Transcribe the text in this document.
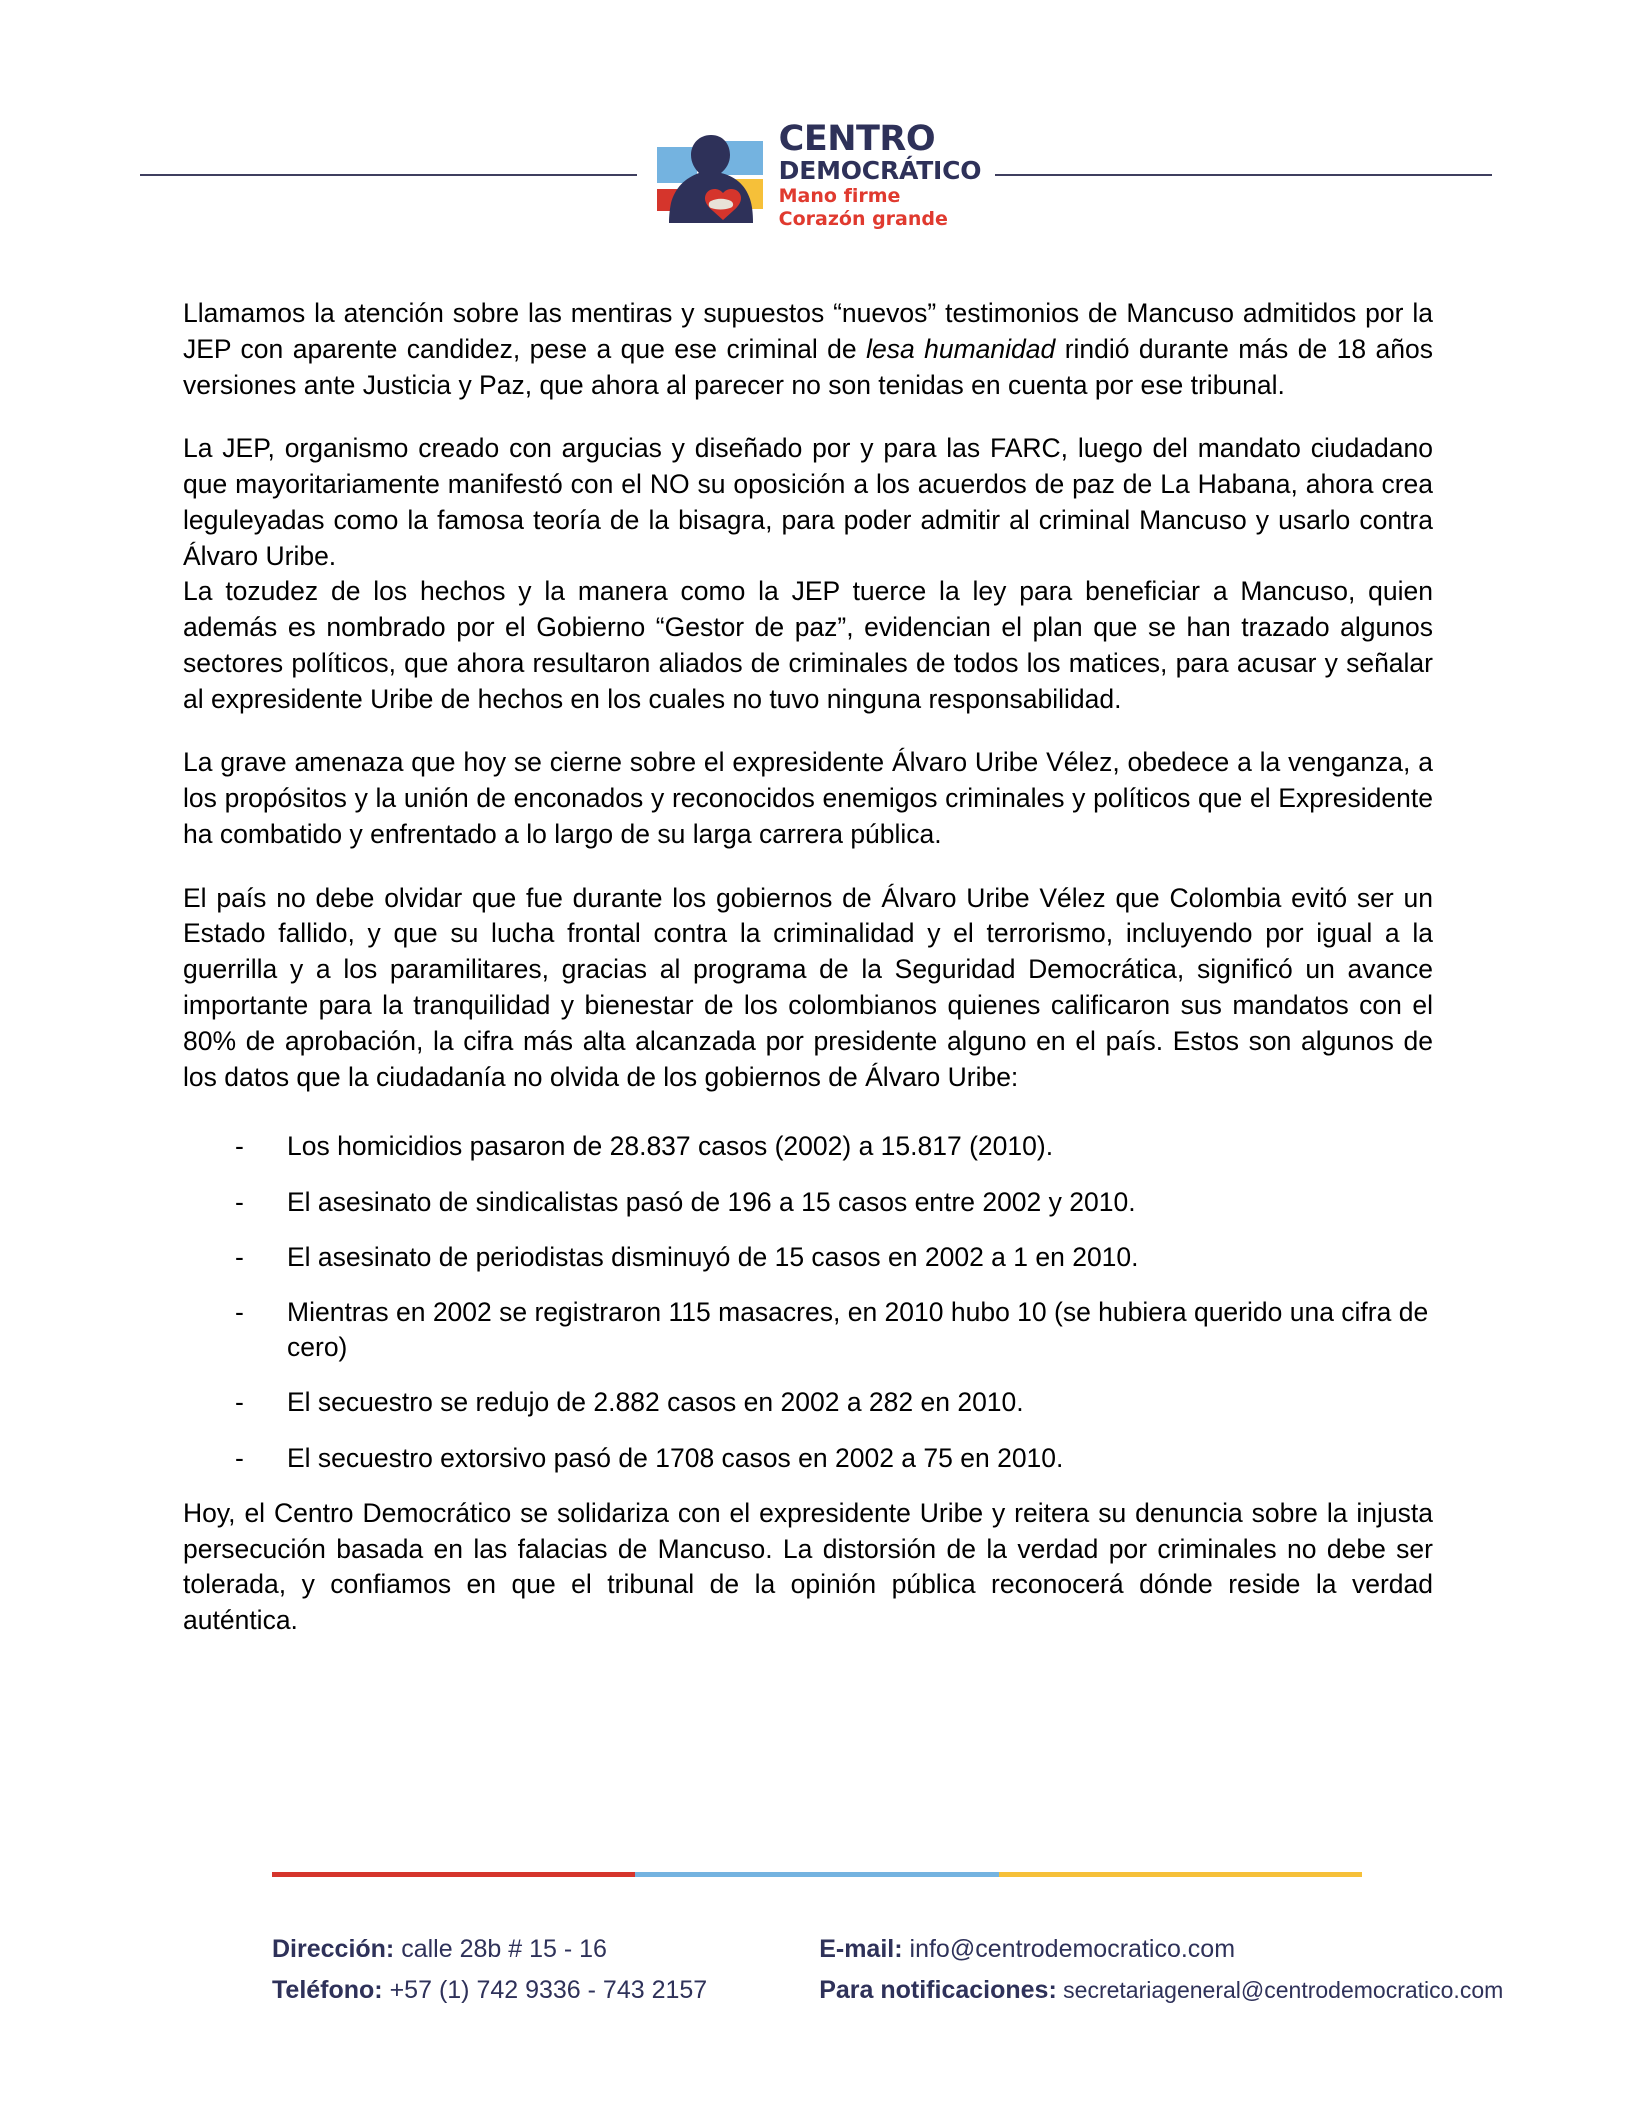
CENTRO
DEMOCRÁTICO
Mano firme
Corazón grande

Llamamos la atención sobre las mentiras y supuestos “nuevos” testimonios de Mancuso admitidos por la JEP con aparente candidez, pese a que ese criminal de lesa humanidad rindió durante más de 18 años versiones ante Justicia y Paz, que ahora al parecer no son tenidas en cuenta por ese tribunal.

La JEP, organismo creado con argucias y diseñado por y para las FARC, luego del mandato ciudadano que mayoritariamente manifestó con el NO su oposición a los acuerdos de paz de La Habana, ahora crea leguleyadas como la famosa teoría de la bisagra, para poder admitir al criminal Mancuso y usarlo contra Álvaro Uribe.

La tozudez de los hechos y la manera como la JEP tuerce la ley para beneficiar a Mancuso, quien además es nombrado por el Gobierno “Gestor de paz”, evidencian el plan que se han trazado algunos sectores políticos, que ahora resultaron aliados de criminales de todos los matices, para acusar y señalar al expresidente Uribe de hechos en los cuales no tuvo ninguna responsabilidad.

La grave amenaza que hoy se cierne sobre el expresidente Álvaro Uribe Vélez, obedece a la venganza, a los propósitos y la unión de enconados y reconocidos enemigos criminales y políticos que el Expresidente ha combatido y enfrentado a lo largo de su larga carrera pública.

El país no debe olvidar que fue durante los gobiernos de Álvaro Uribe Vélez que Colombia evitó ser un Estado fallido, y que su lucha frontal contra la criminalidad y el terrorismo, incluyendo por igual a la guerrilla y a los paramilitares, gracias al programa de la Seguridad Democrática, significó un avance importante para la tranquilidad y bienestar de los colombianos quienes calificaron sus mandatos con el 80% de aprobación, la cifra más alta alcanzada por presidente alguno en el país. Estos son algunos de los datos que la ciudadanía no olvida de los gobiernos de Álvaro Uribe:

- Los homicidios pasaron de 28.837 casos (2002) a 15.817 (2010).
- El asesinato de sindicalistas pasó de 196 a 15 casos entre 2002 y 2010.
- El asesinato de periodistas disminuyó de 15 casos en 2002 a 1 en 2010.
- Mientras en 2002 se registraron 115 masacres, en 2010 hubo 10 (se hubiera querido una cifra de cero)
- El secuestro se redujo de 2.882 casos en 2002 a 282 en 2010.
- El secuestro extorsivo pasó de 1708 casos en 2002 a 75 en 2010.

Hoy, el Centro Democrático se solidariza con el expresidente Uribe y reitera su denuncia sobre la injusta persecución basada en las falacias de Mancuso. La distorsión de la verdad por criminales no debe ser tolerada, y confiamos en que el tribunal de la opinión pública reconocerá dónde reside la verdad auténtica.

Dirección: calle 28b # 15 - 16
Teléfono: +57 (1) 742 9336 - 743 2157
E-mail: info@centrodemocratico.com
Para notificaciones: secretariageneral@centrodemocratico.com
